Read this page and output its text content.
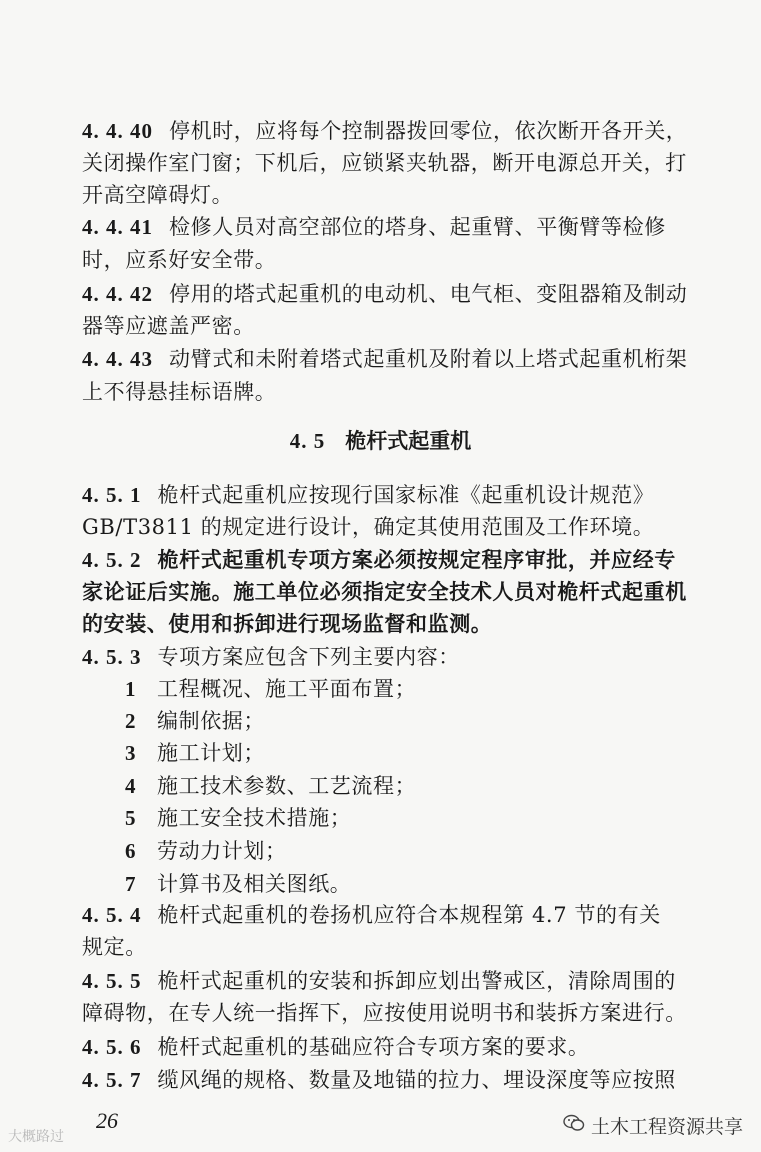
4. 4. 40 停机时，应将每个控制器拨回零位，依次断开各开关，
关闭操作室门窗；下机后，应锁紧夹轨器，断开电源总开关，打
开高空障碍灯。
4. 4. 41 检修人员对高空部位的塔身、起重臂、平衡臂等检修
时，应系好安全带。
4. 4. 42 停用的塔式起重机的电动机、电气柜、变阻器箱及制动
器等应遮盖严密。
4. 4. 43 动臂式和未附着塔式起重机及附着以上塔式起重机桁架
上不得悬挂标语牌。
4. 5 桅杆式起重机
4. 5. 1 桅杆式起重机应按现行国家标准《起重机设计规范》
GB/T3811 的规定进行设计，确定其使用范围及工作环境。
4. 5. 2 桅杆式起重机专项方案必须按规定程序审批，并应经专
家论证后实施。施工单位必须指定安全技术人员对桅杆式起重机
的安装、使用和拆卸进行现场监督和监测。
4. 5. 3 专项方案应包含下列主要内容：
1 工程概况、施工平面布置；
2 编制依据；
3 施工计划；
4 施工技术参数、工艺流程；
5 施工安全技术措施；
6 劳动力计划；
7 计算书及相关图纸。
4. 5. 4 桅杆式起重机的卷扬机应符合本规程第 4.7 节的有关
规定。
4. 5. 5 桅杆式起重机的安装和拆卸应划出警戒区，清除周围的
障碍物，在专人统一指挥下，应按使用说明书和装拆方案进行。
4. 5. 6 桅杆式起重机的基础应符合专项方案的要求。
4. 5. 7 缆风绳的规格、数量及地锚的拉力、埋设深度等应按照
26
大概路过	土木工程资源共享
